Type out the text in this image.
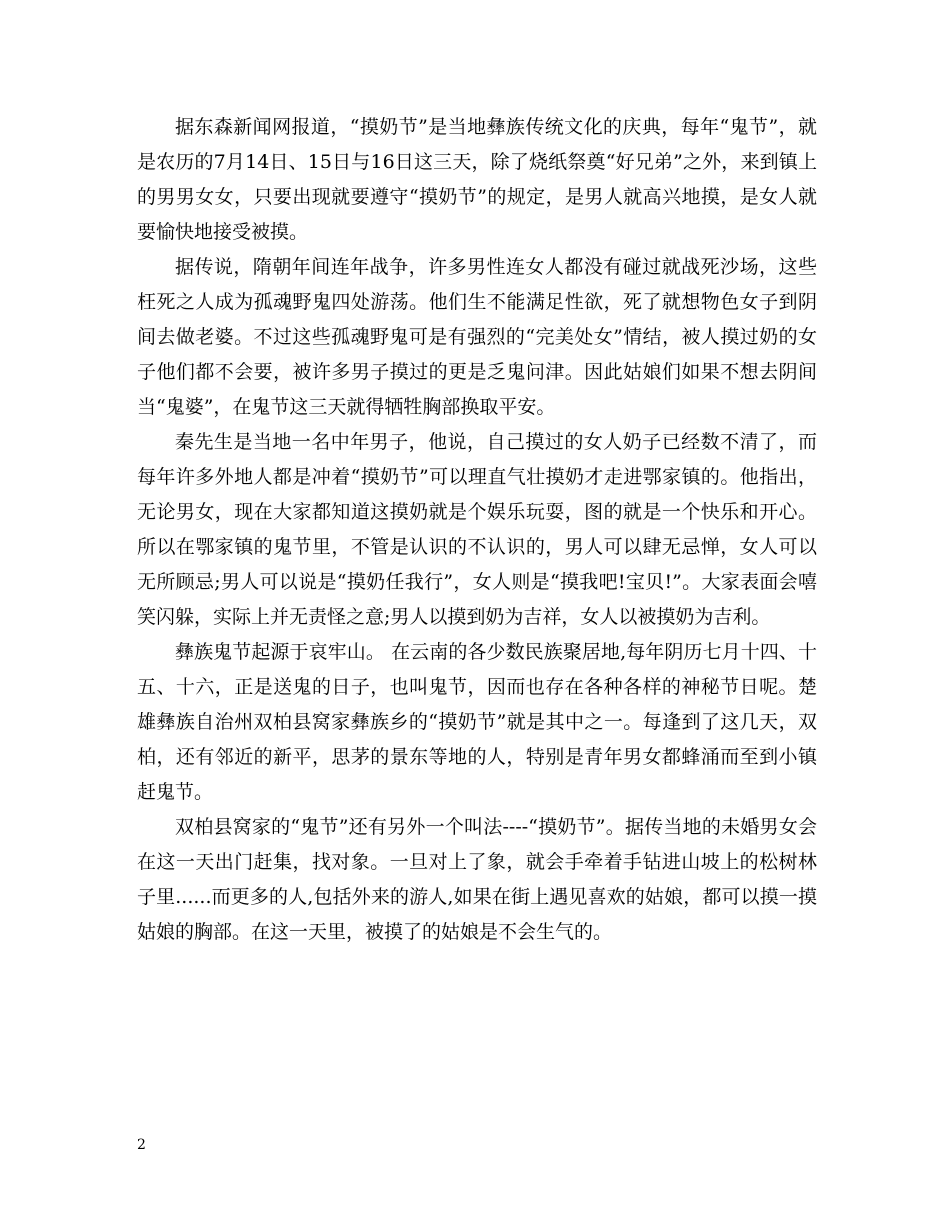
据东森新闻网报道，“摸奶节”是当地彝族传统文化的庆典，每年“鬼节”，就是农历的7月14日、15日与16日这三天，除了烧纸祭奠“好兄弟”之外，来到镇上的男男女女，只要出现就要遵守“摸奶节”的规定，是男人就高兴地摸，是女人就要愉快地接受被摸。

据传说，隋朝年间连年战争，许多男性连女人都没有碰过就战死沙场，这些枉死之人成为孤魂野鬼四处游荡。他们生不能满足性欲，死了就想物色女子到阴间去做老婆。不过这些孤魂野鬼可是有强烈的“完美处女”情结，被人摸过奶的女子他们都不会要，被许多男子摸过的更是乏鬼问津。因此姑娘们如果不想去阴间当“鬼婆”，在鬼节这三天就得牺牲胸部换取平安。

秦先生是当地一名中年男子，他说，自己摸过的女人奶子已经数不清了，而每年许多外地人都是冲着“摸奶节”可以理直气壮摸奶才走进鄂家镇的。他指出，无论男女，现在大家都知道这摸奶就是个娱乐玩耍，图的就是一个快乐和开心。所以在鄂家镇的鬼节里，不管是认识的不认识的，男人可以肆无忌惮，女人可以无所顾忌;男人可以说是“摸奶任我行”，女人则是“摸我吧!宝贝!”。大家表面会嘻笑闪躲，实际上并无责怪之意;男人以摸到奶为吉祥，女人以被摸奶为吉利。

彝族鬼节起源于哀牢山。 在云南的各少数民族聚居地,每年阴历七月十四、十五、十六，正是送鬼的日子，也叫鬼节，因而也存在各种各样的神秘节日呢。楚雄彝族自治州双柏县窝家彝族乡的“摸奶节”就是其中之一。每逢到了这几天，双柏，还有邻近的新平，思茅的景东等地的人，特别是青年男女都蜂涌而至到小镇赶鬼节。

双柏县窝家的“鬼节”还有另外一个叫法----“摸奶节”。据传当地的未婚男女会在这一天出门赶集，找对象。一旦对上了象，就会手牵着手钻进山坡上的松树林子里......而更多的人,包括外来的游人,如果在街上遇见喜欢的姑娘，都可以摸一摸姑娘的胸部。在这一天里，被摸了的姑娘是不会生气的。

2
